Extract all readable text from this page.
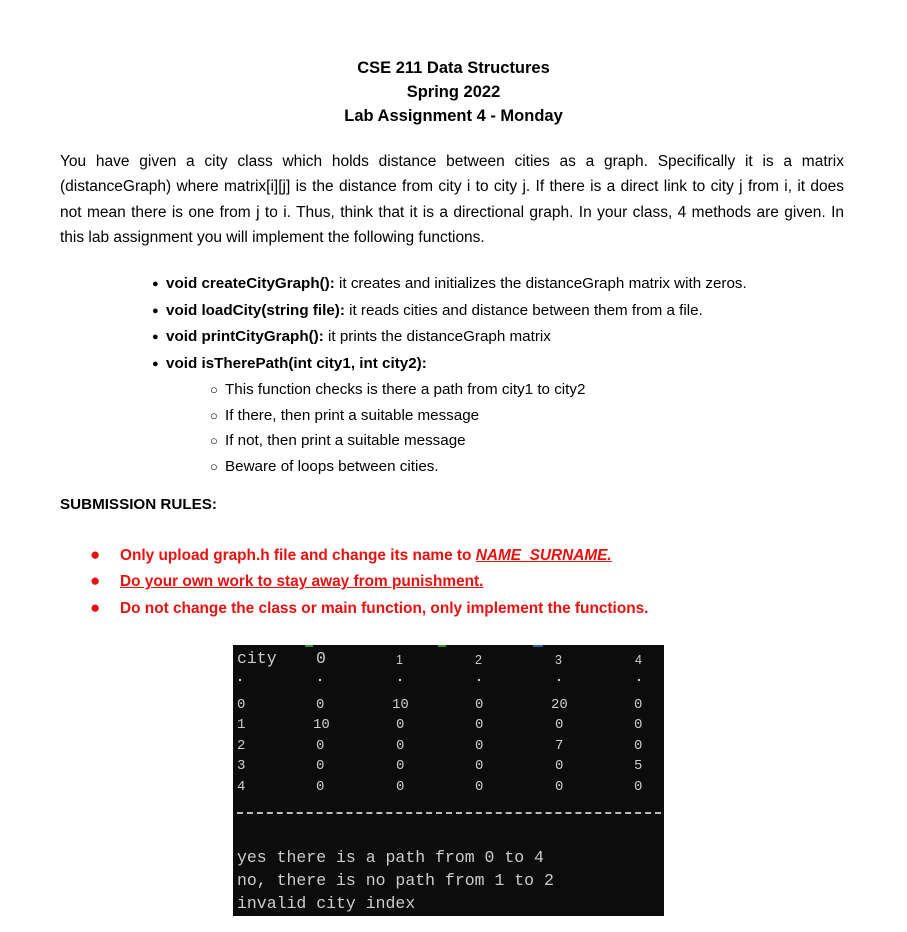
CSE 211 Data Structures
Spring 2022
Lab Assignment 4 - Monday
You have given a city class which holds distance between cities as a graph. Specifically it is a matrix (distanceGraph) where matrix[i][j] is the distance from city i to city j. If there is a direct link to city j from i, it does not mean there is one from j to i. Thus, think that it is a directional graph. In your class, 4 methods are given. In this lab assignment you will implement the following functions.
● void createCityGraph(): it creates and initializes the distanceGraph matrix with zeros.
● void loadCity(string file): it reads cities and distance between them from a file.
● void printCityGraph(): it prints the distanceGraph matrix
● void isTherePath(int city1, int city2):
○ This function checks is there a path from city1 to city2
○ If there, then print a suitable message
○ If not, then print a suitable message
○ Beware of loops between cities.
SUBMISSION RULES:
● Only upload graph.h file and change its name to NAME_SURNAME.
● Do your own work to stay away from punishment.
● Do not change the class or main function, only implement the functions.
city 0	1	2	3	4
0	0	10	0	20	0
1	10	0	0	0	0
2	0	0	0	7	0
3	0	0	0	0	5
4	0	0	0	0	0
yes there is a path from 0 to 4
no, there is no path from 1 to 2
invalid city index
